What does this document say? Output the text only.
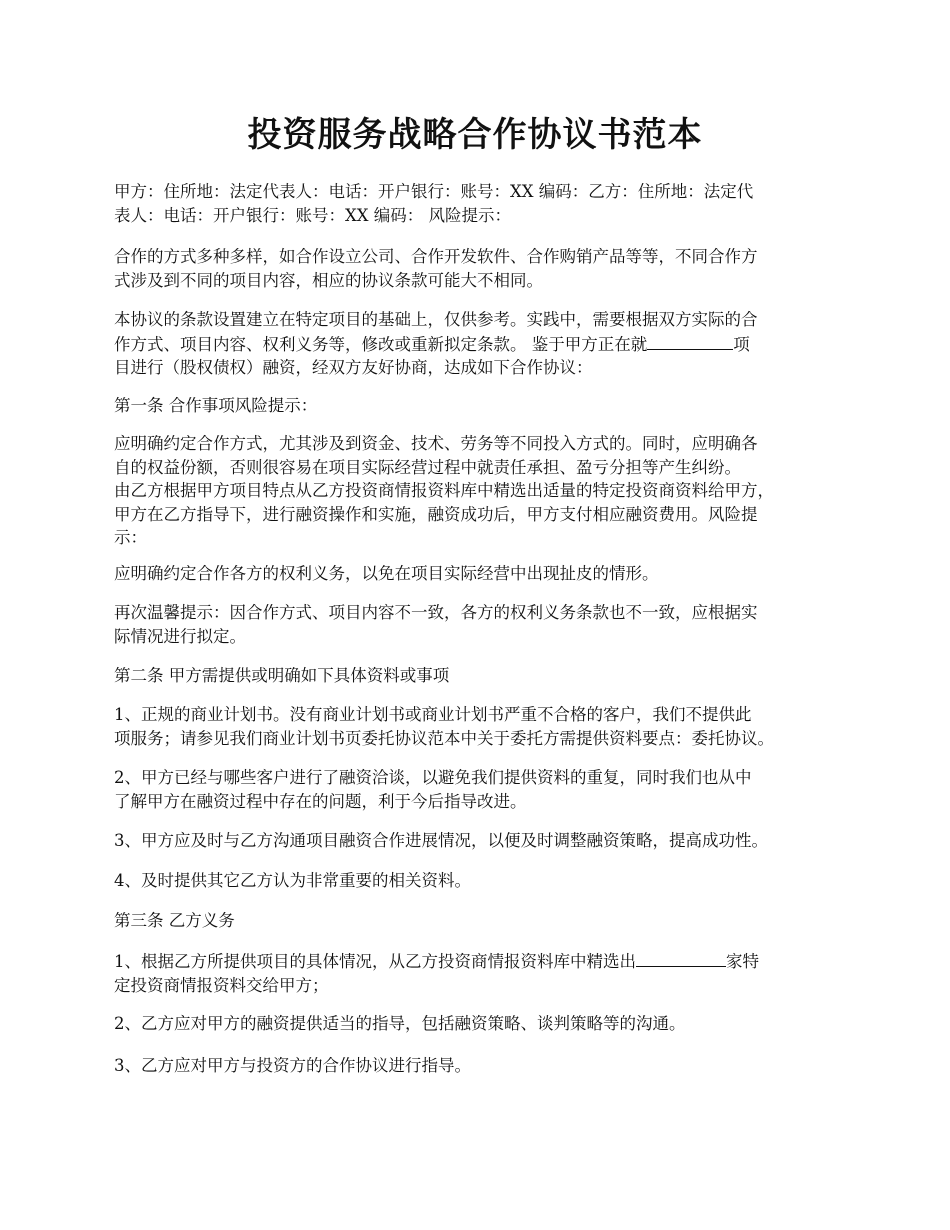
投资服务战略合作协议书范本
甲方：住所地：法定代表人：电话：开户银行：账号：XX 编码：乙方：住所地：法定代
表人：电话：开户银行：账号：XX 编码： 风险提示：
合作的方式多种多样，如合作设立公司、合作开发软件、合作购销产品等等，不同合作方
式涉及到不同的项目内容，相应的协议条款可能大不相同。
本协议的条款设置建立在特定项目的基础上，仅供参考。实践中，需要根据双方实际的合
作方式、项目内容、权利义务等，修改或重新拟定条款。 鉴于甲方正在就	项
目进行（股权债权）融资，经双方友好协商，达成如下合作协议：
第一条 合作事项风险提示：
应明确约定合作方式，尤其涉及到资金、技术、劳务等不同投入方式的。同时，应明确各
自的权益份额，否则很容易在项目实际经营过程中就责任承担、盈亏分担等产生纠纷。
由乙方根据甲方项目特点从乙方投资商情报资料库中精选出适量的特定投资商资料给甲方，
甲方在乙方指导下，进行融资操作和实施，融资成功后，甲方支付相应融资费用。风险提
示：
应明确约定合作各方的权利义务，以免在项目实际经营中出现扯皮的情形。
再次温馨提示：因合作方式、项目内容不一致，各方的权利义务条款也不一致，应根据实
际情况进行拟定。
第二条 甲方需提供或明确如下具体资料或事项
1、正规的商业计划书。没有商业计划书或商业计划书严重不合格的客户，我们不提供此
项服务；请参见我们商业计划书页委托协议范本中关于委托方需提供资料要点：委托协议。
2、甲方已经与哪些客户进行了融资洽谈，以避免我们提供资料的重复，同时我们也从中
了解甲方在融资过程中存在的问题，利于今后指导改进。
3、甲方应及时与乙方沟通项目融资合作进展情况，以便及时调整融资策略，提高成功性。
4、及时提供其它乙方认为非常重要的相关资料。
第三条 乙方义务
1、根据乙方所提供项目的具体情况，从乙方投资商情报资料库中精选出	家特
定投资商情报资料交给甲方；
2、乙方应对甲方的融资提供适当的指导，包括融资策略、谈判策略等的沟通。
3、乙方应对甲方与投资方的合作协议进行指导。
